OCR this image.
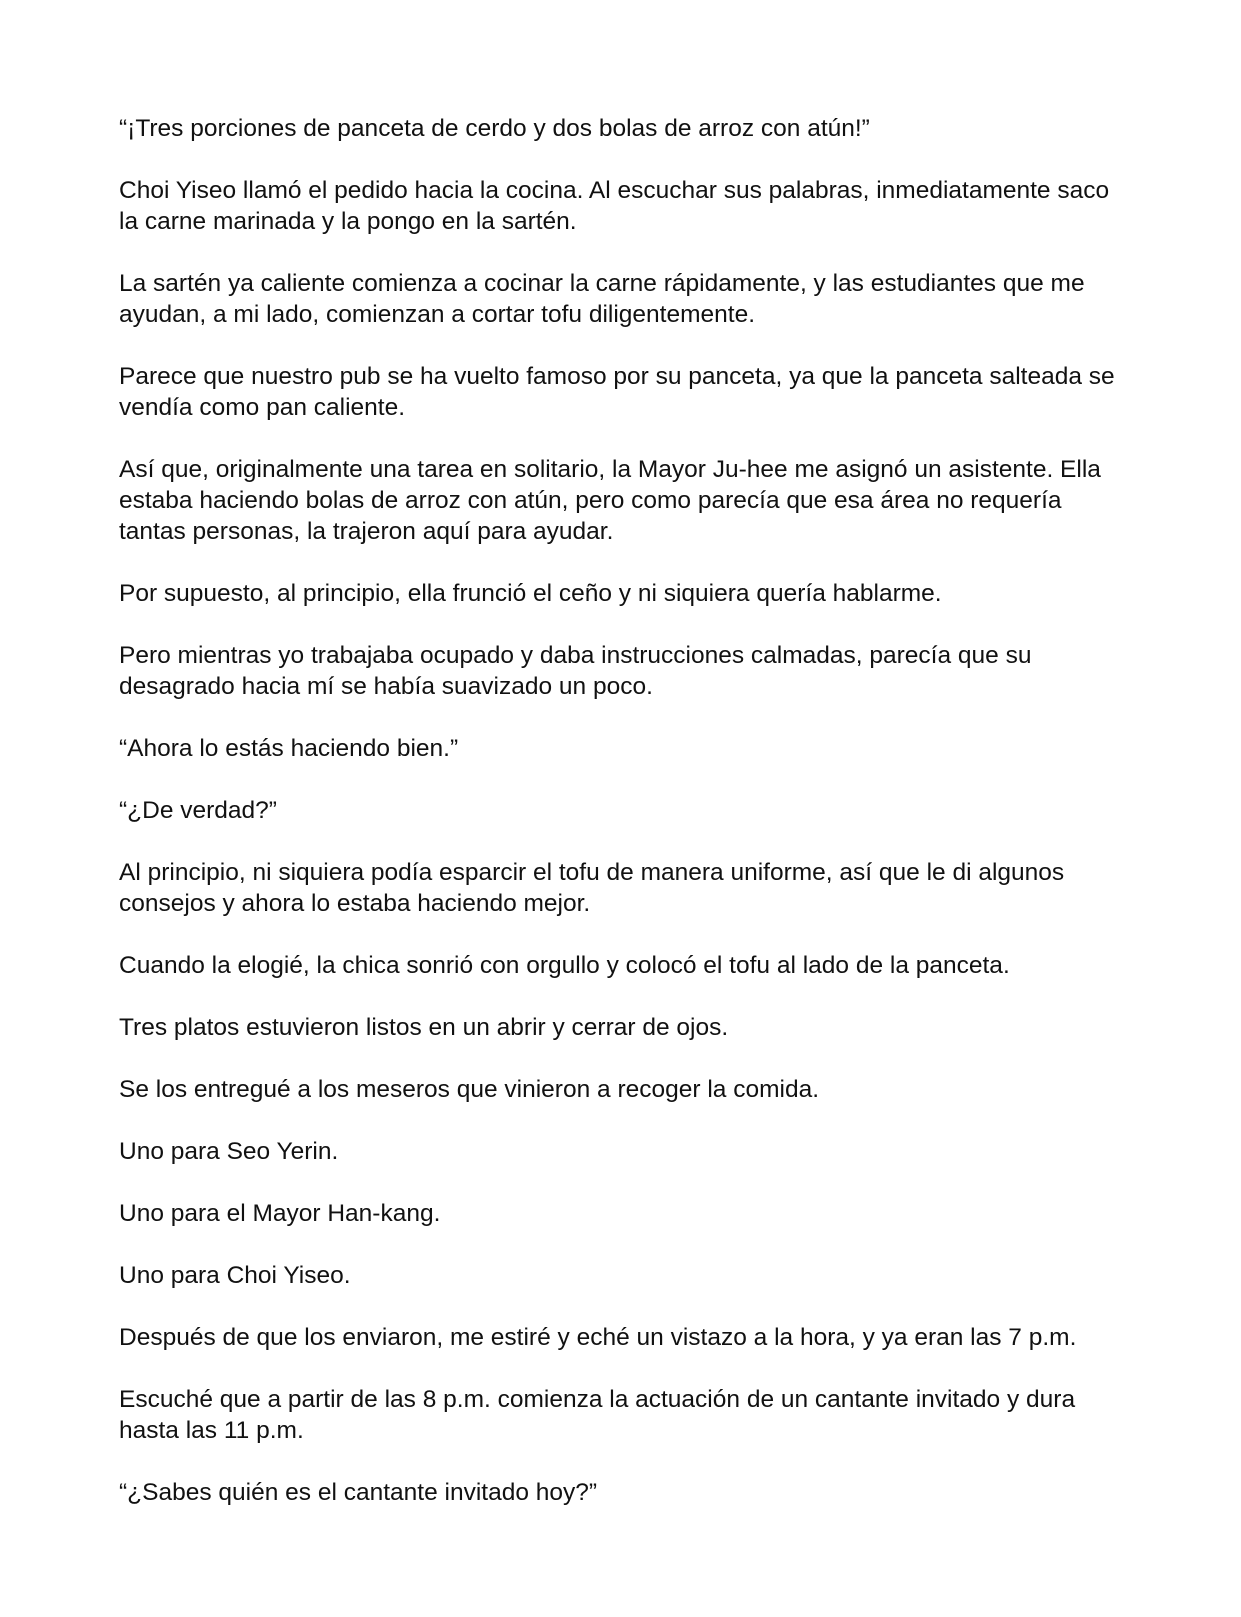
“¡Tres porciones de panceta de cerdo y dos bolas de arroz con atún!”

Choi Yiseo llamó el pedido hacia la cocina. Al escuchar sus palabras, inmediatamente saco la carne marinada y la pongo en la sartén.

La sartén ya caliente comienza a cocinar la carne rápidamente, y las estudiantes que me ayudan, a mi lado, comienzan a cortar tofu diligentemente.

Parece que nuestro pub se ha vuelto famoso por su panceta, ya que la panceta salteada se vendía como pan caliente.

Así que, originalmente una tarea en solitario, la Mayor Ju-hee me asignó un asistente. Ella estaba haciendo bolas de arroz con atún, pero como parecía que esa área no requería tantas personas, la trajeron aquí para ayudar.

Por supuesto, al principio, ella frunció el ceño y ni siquiera quería hablarme.

Pero mientras yo trabajaba ocupado y daba instrucciones calmadas, parecía que su desagrado hacia mí se había suavizado un poco.

“Ahora lo estás haciendo bien.”

“¿De verdad?”

Al principio, ni siquiera podía esparcir el tofu de manera uniforme, así que le di algunos consejos y ahora lo estaba haciendo mejor.

Cuando la elogié, la chica sonrió con orgullo y colocó el tofu al lado de la panceta.

Tres platos estuvieron listos en un abrir y cerrar de ojos.

Se los entregué a los meseros que vinieron a recoger la comida.

Uno para Seo Yerin.

Uno para el Mayor Han-kang.

Uno para Choi Yiseo.

Después de que los enviaron, me estiré y eché un vistazo a la hora, y ya eran las 7 p.m.

Escuché que a partir de las 8 p.m. comienza la actuación de un cantante invitado y dura hasta las 11 p.m.

“¿Sabes quién es el cantante invitado hoy?”
